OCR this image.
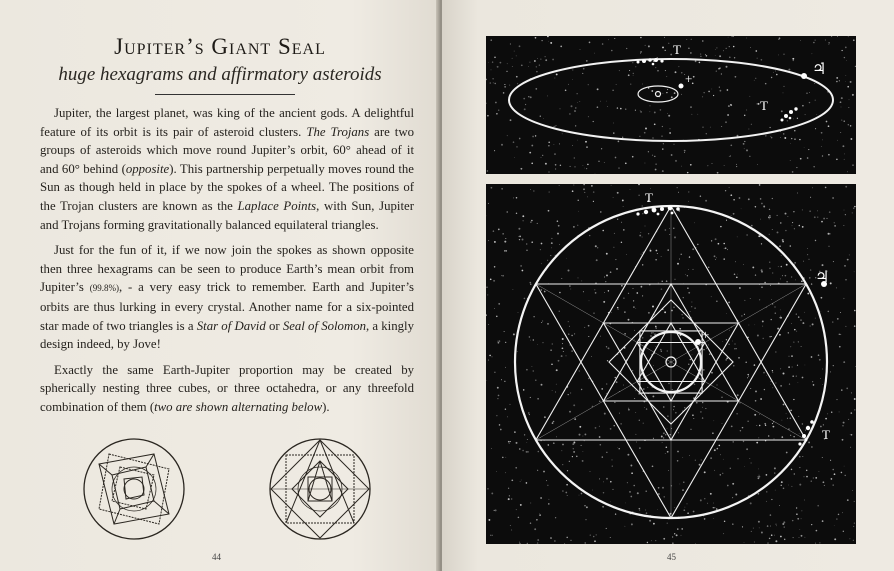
Jupiter’s Giant Seal
huge hexagrams and affirmatory asteroids

Jupiter, the largest planet, was king of the ancient gods. A delightful feature of its orbit is its pair of asteroid clusters. The Trojans are two groups of asteroids which move round Jupiter’s orbit, 60° ahead of it and 60° behind (opposite). This partnership perpetually moves round the Sun as though held in place by the spokes of a wheel. The positions of the Trojan clusters are known as the Laplace Points, with Sun, Jupiter and Trojans forming gravitationally balanced equilateral triangles.

Just for the fun of it, if we now join the spokes as shown opposite then three hexagrams can be seen to produce Earth’s mean orbit from Jupiter’s (99.8%), - a very easy trick to remember. Earth and Jupiter’s orbits are thus lurking in every crystal. Another name for a six-pointed star made of two triangles is a Star of David or Seal of Solomon, a kingly design indeed, by Jove!

Exactly the same Earth-Jupiter proportion may be created by spherically nesting three cubes, or three octahedra, or any threefold combination of them (two are shown alternating below).

44
T
T
♃
+
T
T
♃
+
45
